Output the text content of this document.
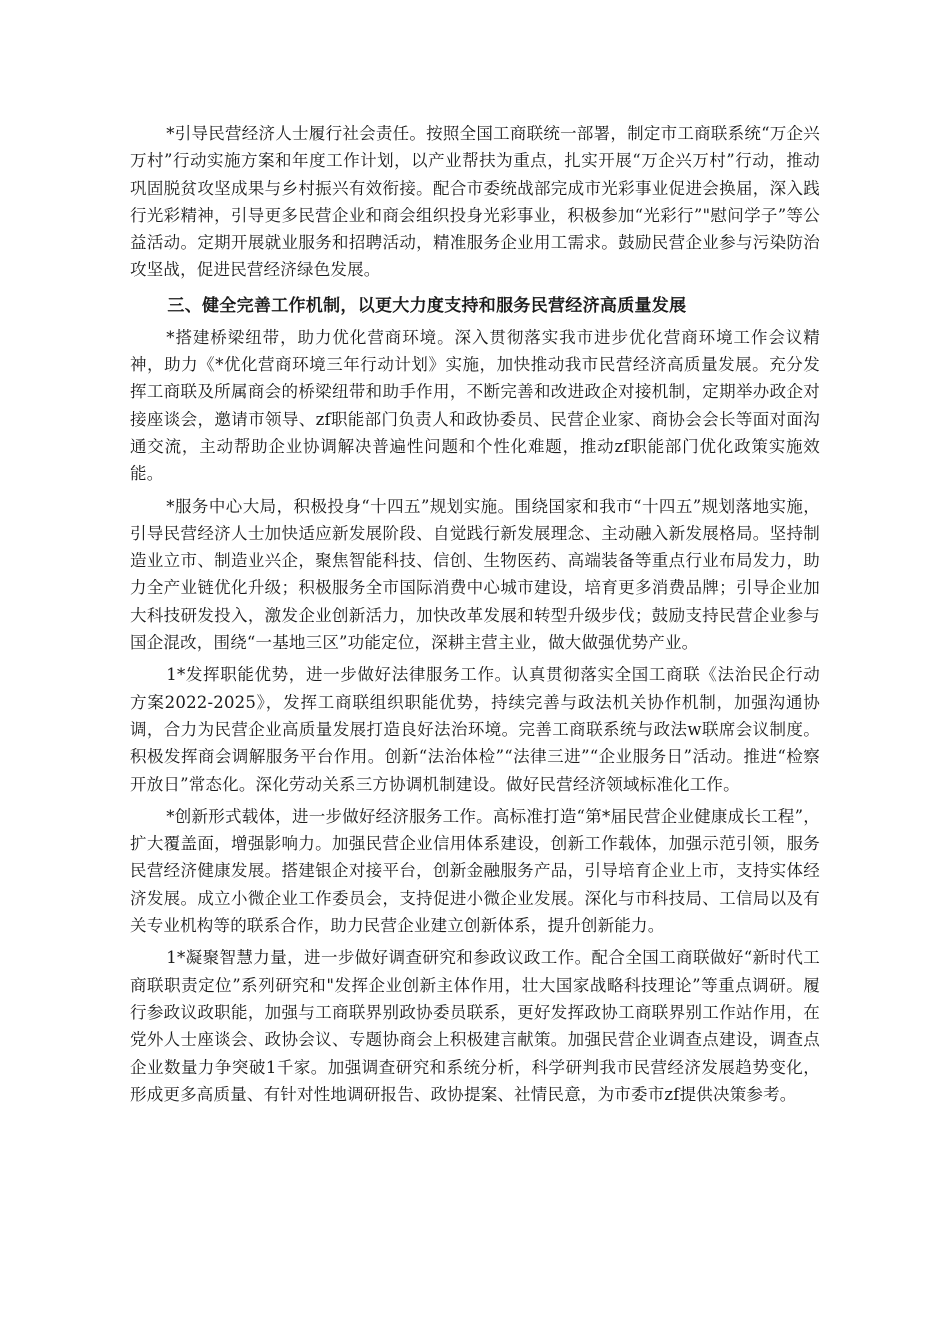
*引导民营经济人士履行社会责任。按照全国工商联统一部署，制定市工商联系统“万企兴万村”行动实施方案和年度工作计划，以产业帮扶为重点，扎实开展“万企兴万村”行动，推动巩固脱贫攻坚成果与乡村振兴有效衔接。配合市委统战部完成市光彩事业促进会换届，深入践行光彩精神，引导更多民营企业和商会组织投身光彩事业，积极参加“光彩行”"慰问学子”等公益活动。定期开展就业服务和招聘活动，精准服务企业用工需求。鼓励民营企业参与污染防治攻坚战，促进民营经济绿色发展。

三、健全完善工作机制，以更大力度支持和服务民营经济高质量发展

*搭建桥梁纽带，助力优化营商环境。深入贯彻落实我市进步优化营商环境工作会议精神，助力《*优化营商环境三年行动计划》实施，加快推动我市民营经济高质量发展。充分发挥工商联及所属商会的桥梁纽带和助手作用，不断完善和改进政企对接机制，定期举办政企对接座谈会，邀请市领导、zf职能部门负责人和政协委员、民营企业家、商协会会长等面对面沟通交流，主动帮助企业协调解决普遍性问题和个性化难题，推动zf职能部门优化政策实施效能。

*服务中心大局，积极投身“十四五”规划实施。围绕国家和我市“十四五”规划落地实施，引导民营经济人士加快适应新发展阶段、自觉践行新发展理念、主动融入新发展格局。坚持制造业立市、制造业兴企，聚焦智能科技、信创、生物医药、高端装备等重点行业布局发力，助力全产业链优化升级；积极服务全市国际消费中心城市建设，培育更多消费品牌；引导企业加大科技研发投入，激发企业创新活力，加快改革发展和转型升级步伐；鼓励支持民营企业参与国企混改，围绕“一基地三区”功能定位，深耕主营主业，做大做强优势产业。

1*发挥职能优势，进一步做好法律服务工作。认真贯彻落实全国工商联《法治民企行动方案2022-2025》，发挥工商联组织职能优势，持续完善与政法机关协作机制，加强沟通协调，合力为民营企业高质量发展打造良好法治环境。完善工商联系统与政法w联席会议制度。积极发挥商会调解服务平台作用。创新“法治体检”“法律三进”“企业服务日”活动。推进“检察开放日”常态化。深化劳动关系三方协调机制建设。做好民营经济领域标准化工作。

*创新形式载体，进一步做好经济服务工作。高标准打造“第*届民营企业健康成长工程”，扩大覆盖面，增强影响力。加强民营企业信用体系建设，创新工作载体，加强示范引领，服务民营经济健康发展。搭建银企对接平台，创新金融服务产品，引导培育企业上市，支持实体经济发展。成立小微企业工作委员会，支持促进小微企业发展。深化与市科技局、工信局以及有关专业机构等的联系合作，助力民营企业建立创新体系，提升创新能力。

1*凝聚智慧力量，进一步做好调查研究和参政议政工作。配合全国工商联做好“新时代工商联职责定位”系列研究和"发挥企业创新主体作用，壮大国家战略科技理论”等重点调研。履行参政议政职能，加强与工商联界别政协委员联系，更好发挥政协工商联界别工作站作用，在党外人士座谈会、政协会议、专题协商会上积极建言献策。加强民营企业调查点建设，调查点企业数量力争突破1千家。加强调查研究和系统分析，科学研判我市民营经济发展趋势变化，形成更多高质量、有针对性地调研报告、政协提案、社情民意，为市委市zf提供决策参考。
